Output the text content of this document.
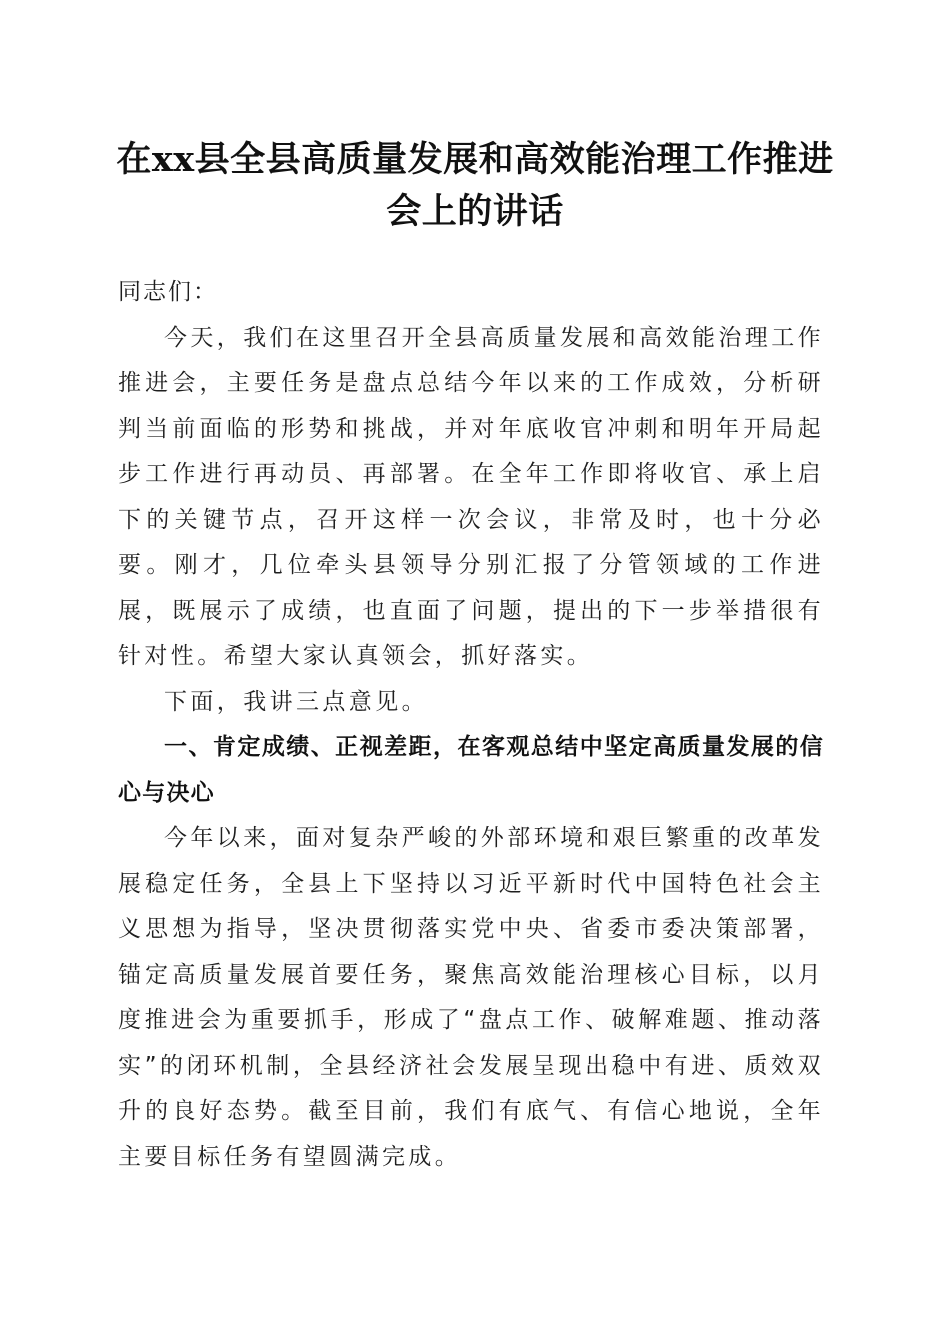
在xx县全县高质量发展和高效能治理工作推进会上的讲话

同志们：

今天，我们在这里召开全县高质量发展和高效能治理工作推进会，主要任务是盘点总结今年以来的工作成效，分析研判当前面临的形势和挑战，并对年底收官冲刺和明年开局起步工作进行再动员、再部署。在全年工作即将收官、承上启下的关键节点，召开这样一次会议，非常及时，也十分必要。刚才，几位牵头县领导分别汇报了分管领域的工作进展，既展示了成绩，也直面了问题，提出的下一步举措很有针对性。希望大家认真领会，抓好落实。

下面，我讲三点意见。

一、肯定成绩、正视差距，在客观总结中坚定高质量发展的信心与决心

今年以来，面对复杂严峻的外部环境和艰巨繁重的改革发展稳定任务，全县上下坚持以习近平新时代中国特色社会主义思想为指导，坚决贯彻落实党中央、省委市委决策部署，锚定高质量发展首要任务，聚焦高效能治理核心目标，以月度推进会为重要抓手，形成了“盘点工作、破解难题、推动落实”的闭环机制，全县经济社会发展呈现出稳中有进、质效双升的良好态势。截至目前，我们有底气、有信心地说，全年主要目标任务有望圆满完成。
